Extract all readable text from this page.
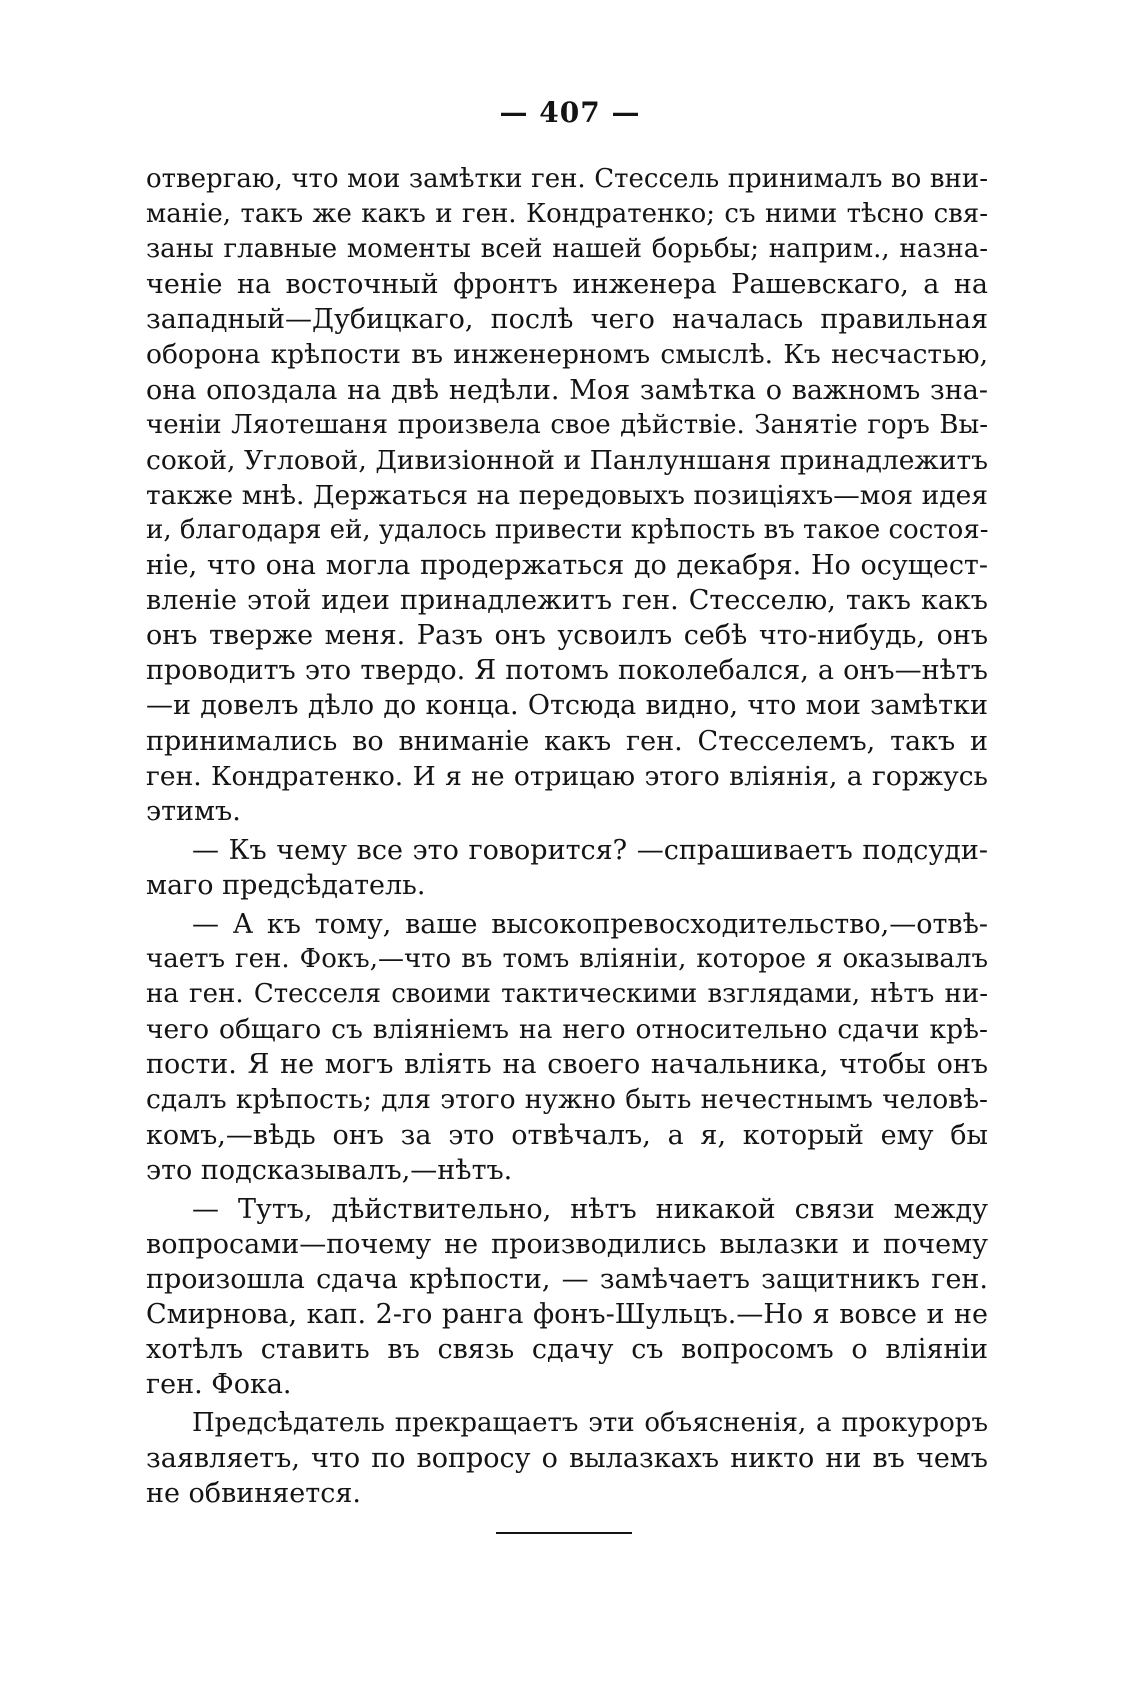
— 407 —
отвергаю, что мои замѣтки ген. Стессель принималъ во вни-
маніе, такъ же какъ и ген. Кондратенко; съ ними тѣсно свя-
заны главные моменты всей нашей борьбы; наприм., назна-
ченіе на восточный фронтъ инженера Рашевскаго, а на
западный—Дубицкаго, послѣ чего началась правильная
оборона крѣпости въ инженерномъ смыслѣ. Къ несчастью,
она опоздала на двѣ недѣли. Моя замѣтка о важномъ зна-
ченіи Ляотешаня произвела свое дѣйствіе. Занятіе горъ Вы-
сокой, Угловой, Дивизіонной и Панлуншаня принадлежитъ
также мнѣ. Держаться на передовыхъ позиціяхъ—моя идея
и, благодаря ей, удалось привести крѣпость въ такое состоя-
ніе, что она могла продержаться до декабря. Но осущест-
вленіе этой идеи принадлежитъ ген. Стесселю, такъ какъ
онъ тверже меня. Разъ онъ усвоилъ себѣ что-нибудь, онъ
проводитъ это твердо. Я потомъ поколебался, а онъ—нѣтъ
—и довелъ дѣло до конца. Отсюда видно, что мои замѣтки
принимались во вниманіе какъ ген. Стесселемъ, такъ и
ген. Кондратенко. И я не отрицаю этого вліянія, а горжусь
этимъ.
— Къ чему все это говорится? —спрашиваетъ подсуди-
маго предсѣдатель.
— А къ тому, ваше высокопревосходительство,—отвѣ-
чаетъ ген. Фокъ,—что въ томъ вліяніи, которое я оказывалъ
на ген. Стесселя своими тактическими взглядами, нѣтъ ни-
чего общаго съ вліяніемъ на него относительно сдачи крѣ-
пости. Я не могъ вліять на своего начальника, чтобы онъ
сдалъ крѣпость; для этого нужно быть нечестнымъ человѣ-
комъ,—вѣдь онъ за это отвѣчалъ, а я, который ему бы
это подсказывалъ,—нѣтъ.
— Тутъ, дѣйствительно, нѣтъ никакой связи между
вопросами—почему не производились вылазки и почему
произошла сдача крѣпости, — замѣчаетъ защитникъ ген.
Смирнова, кап. 2-го ранга фонъ-Шульцъ.—Но я вовсе и не
хотѣлъ ставить въ связь сдачу съ вопросомъ о вліяніи
ген. Фока.
Предсѣдатель прекращаетъ эти объясненія, а прокуроръ
заявляетъ, что по вопросу о вылазкахъ никто ни въ чемъ
не обвиняется.
